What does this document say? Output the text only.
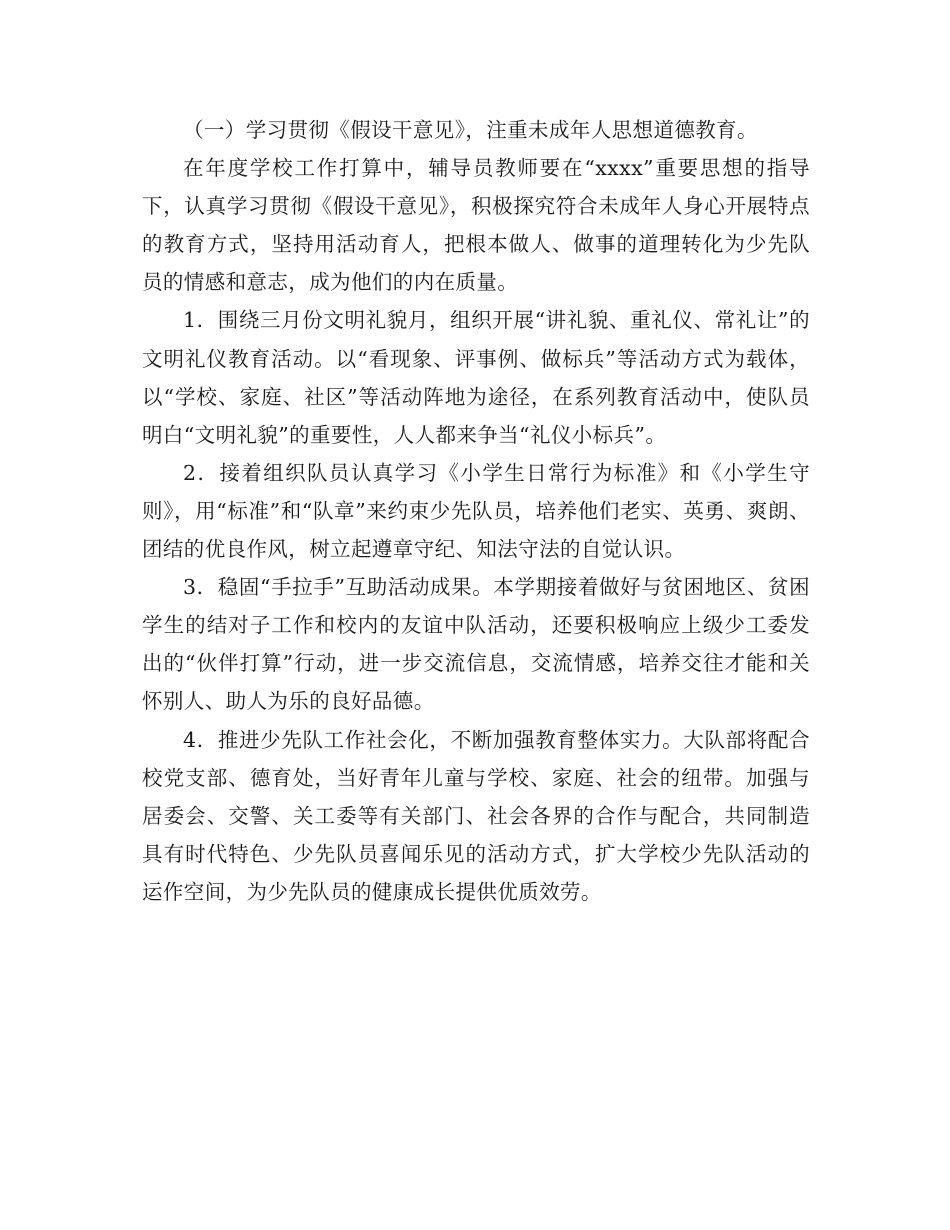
（一）学习贯彻《假设干意见》，注重未成年人思想道德教育。

在年度学校工作打算中，辅导员教师要在“xxxx”重要思想的指导下，认真学习贯彻《假设干意见》，积极探究符合未成年人身心开展特点的教育方式，坚持用活动育人，把根本做人、做事的道理转化为少先队员的情感和意志，成为他们的内在质量。

1．围绕三月份文明礼貌月，组织开展“讲礼貌、重礼仪、常礼让”的文明礼仪教育活动。以“看现象、评事例、做标兵”等活动方式为载体，以“学校、家庭、社区”等活动阵地为途径，在系列教育活动中，使队员明白“文明礼貌”的重要性，人人都来争当“礼仪小标兵”。

2．接着组织队员认真学习《小学生日常行为标准》和《小学生守则》，用“标准”和“队章”来约束少先队员，培养他们老实、英勇、爽朗、团结的优良作风，树立起遵章守纪、知法守法的自觉认识。

3．稳固“手拉手”互助活动成果。本学期接着做好与贫困地区、贫困学生的结对子工作和校内的友谊中队活动，还要积极响应上级少工委发出的“伙伴打算”行动，进一步交流信息，交流情感，培养交往才能和关怀别人、助人为乐的良好品德。

4．推进少先队工作社会化，不断加强教育整体实力。大队部将配合校党支部、德育处，当好青年儿童与学校、家庭、社会的纽带。加强与居委会、交警、关工委等有关部门、社会各界的合作与配合，共同制造具有时代特色、少先队员喜闻乐见的活动方式，扩大学校少先队活动的运作空间，为少先队员的健康成长提供优质效劳。
